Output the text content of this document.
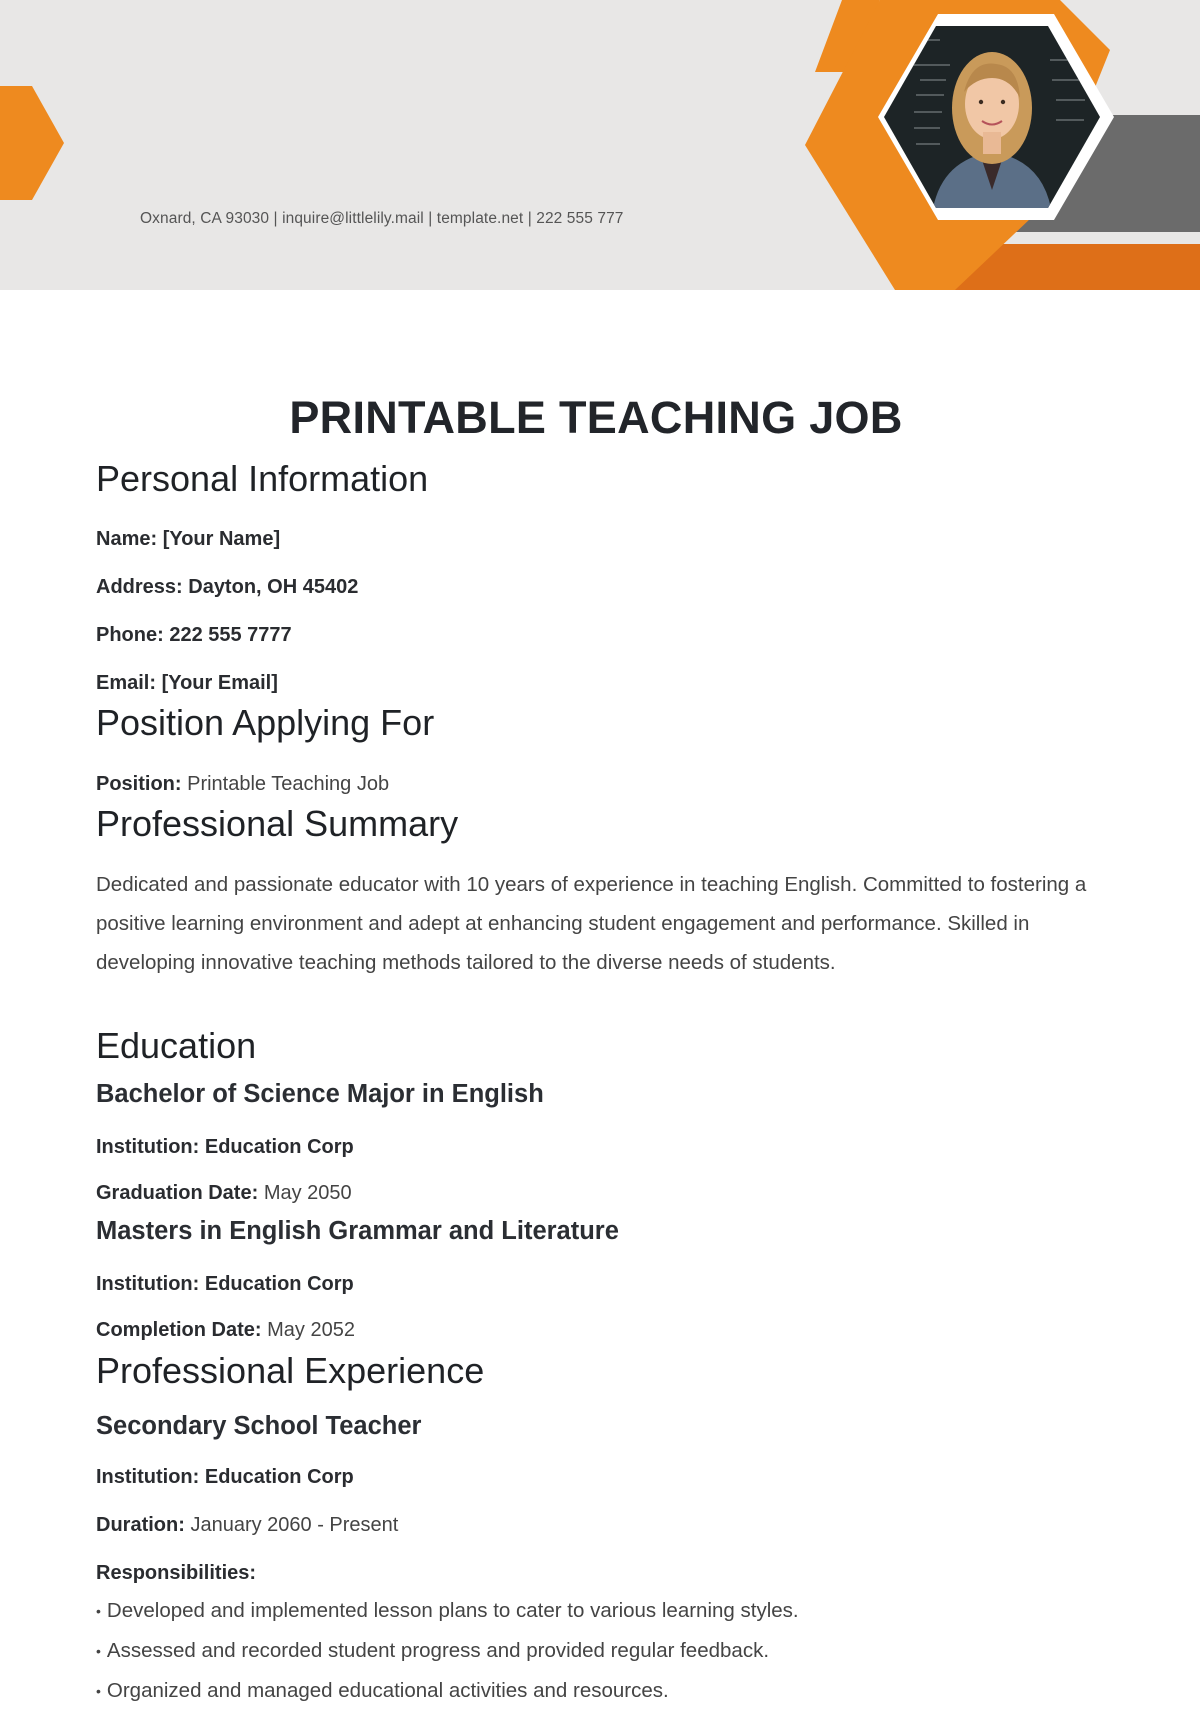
Oxnard, CA 93030 | inquire@littlelily.mail | template.net | 222 555 777
PRINTABLE TEACHING JOB
Personal Information
Name: [Your Name]
Address: Dayton, OH 45402
Phone: 222 555 7777
Email: [Your Email]
Position Applying For
Position: Printable Teaching Job
Professional Summary

Dedicated and passionate educator with 10 years of experience in teaching English. Committed to fostering a positive learning environment and adept at enhancing student engagement and performance. Skilled in developing innovative teaching methods tailored to the diverse needs of students.

Education
Bachelor of Science Major in English
Institution: Education Corp
Graduation Date: May 2050
Masters in English Grammar and Literature
Institution: Education Corp
Completion Date: May 2052
Professional Experience
Secondary School Teacher
Institution: Education Corp
Duration: January 2060 - Present
Responsibilities:
• Developed and implemented lesson plans to cater to various learning styles.
• Assessed and recorded student progress and provided regular feedback.
• Organized and managed educational activities and resources.
